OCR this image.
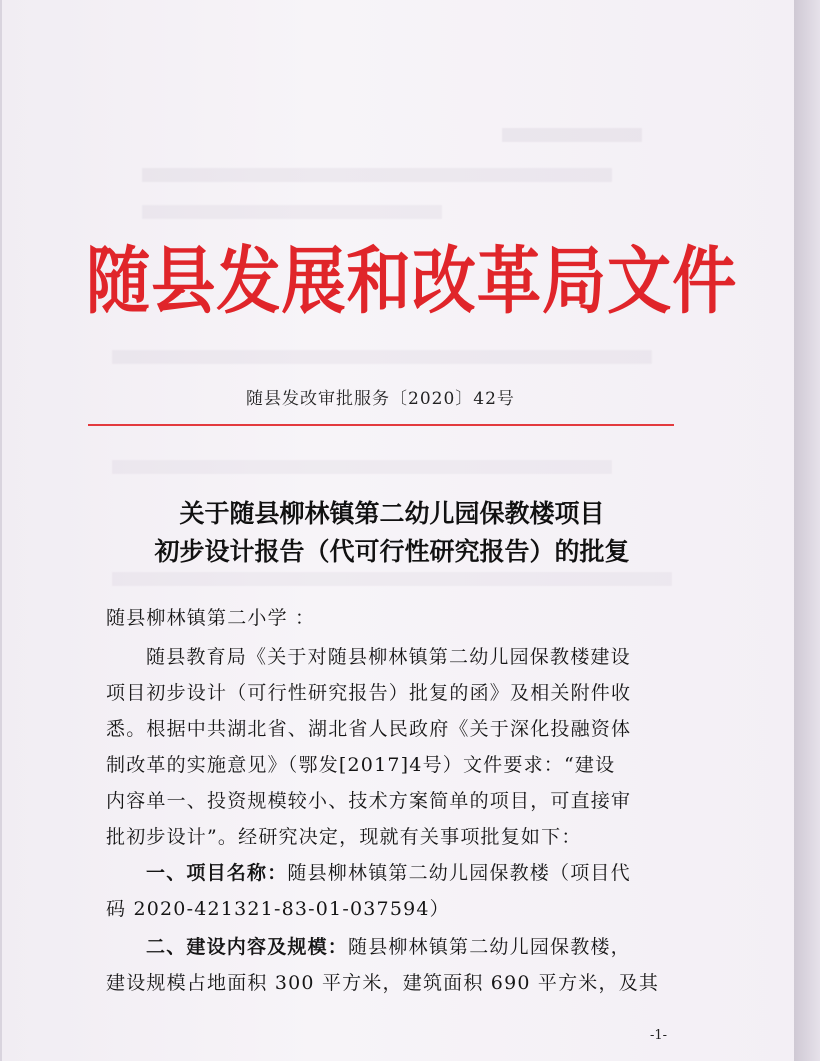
随县发展和改革局文件
随县发改审批服务〔2020〕42号
关于随县柳林镇第二幼儿园保教楼项目
初步设计报告（代可行性研究报告）的批复
随县柳林镇第二小学 ：
随县教育局《关于对随县柳林镇第二幼儿园保教楼建设
项目初步设计（可行性研究报告）批复的函》及相关附件收
悉。根据中共湖北省、湖北省人民政府《关于深化投融资体
制改革的实施意见》（鄂发[2017]4号）文件要求：“建设
内容单一、投资规模较小、技术方案简单的项目，可直接审
批初步设计”。经研究决定，现就有关事项批复如下：
一、项目名称：随县柳林镇第二幼儿园保教楼（项目代
码 2020-421321-83-01-037594）
二、建设内容及规模：随县柳林镇第二幼儿园保教楼，
建设规模占地面积 300 平方米，建筑面积 690 平方米，及其
-1-
